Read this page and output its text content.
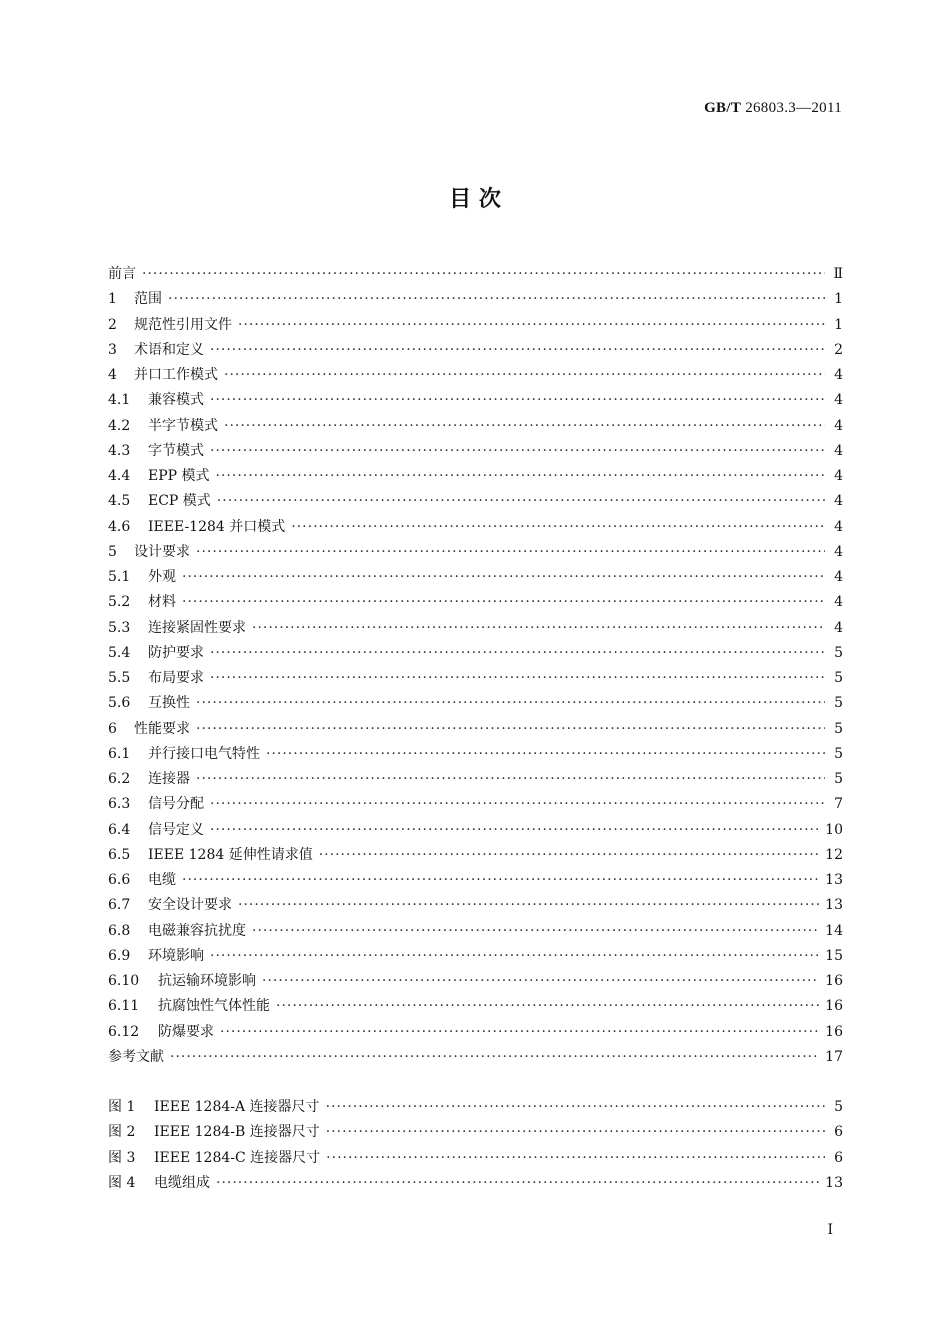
GB/T 26803.3—2011
目 次
前言 ·····	Ⅱ
1	范围 ·····	1
2	规范性引用文件 ·····	1
3	术语和定义 ·····	2
4	并口工作模式 ·····	4
4.1	兼容模式 ·····	4
4.2	半字节模式 ·····	4
4.3	字节模式 ·····	4
4.4	EPP 模式 ·····	4
4.5	ECP 模式 ·····	4
4.6	IEEE-1284 并口模式 ·····	4
5	设计要求 ·····	4
5.1	外观 ·····	4
5.2	材料 ·····	4
5.3	连接紧固性要求 ·····	4
5.4	防护要求 ·····	5
5.5	布局要求 ·····	5
5.6	互换性 ·····	5
6	性能要求 ·····	5
6.1	并行接口电气特性 ·····	5
6.2	连接器 ·····	5
6.3	信号分配 ·····	7
6.4	信号定义 ·····	10
6.5	IEEE 1284 延伸性请求值 ·····	12
6.6	电缆 ·····	13
6.7	安全设计要求 ·····	13
6.8	电磁兼容抗扰度 ·····	14
6.9	环境影响 ·····	15
6.10	抗运输环境影响 ·····	16
6.11	抗腐蚀性气体性能 ·····	16
6.12	防爆要求 ·····	16
参考文献 ·····	17
图 1	IEEE 1284-A 连接器尺寸 ·····	5
图 2	IEEE 1284-B 连接器尺寸 ·····	6
图 3	IEEE 1284-C 连接器尺寸 ·····	6
图 4	电缆组成 ·····	13
I
